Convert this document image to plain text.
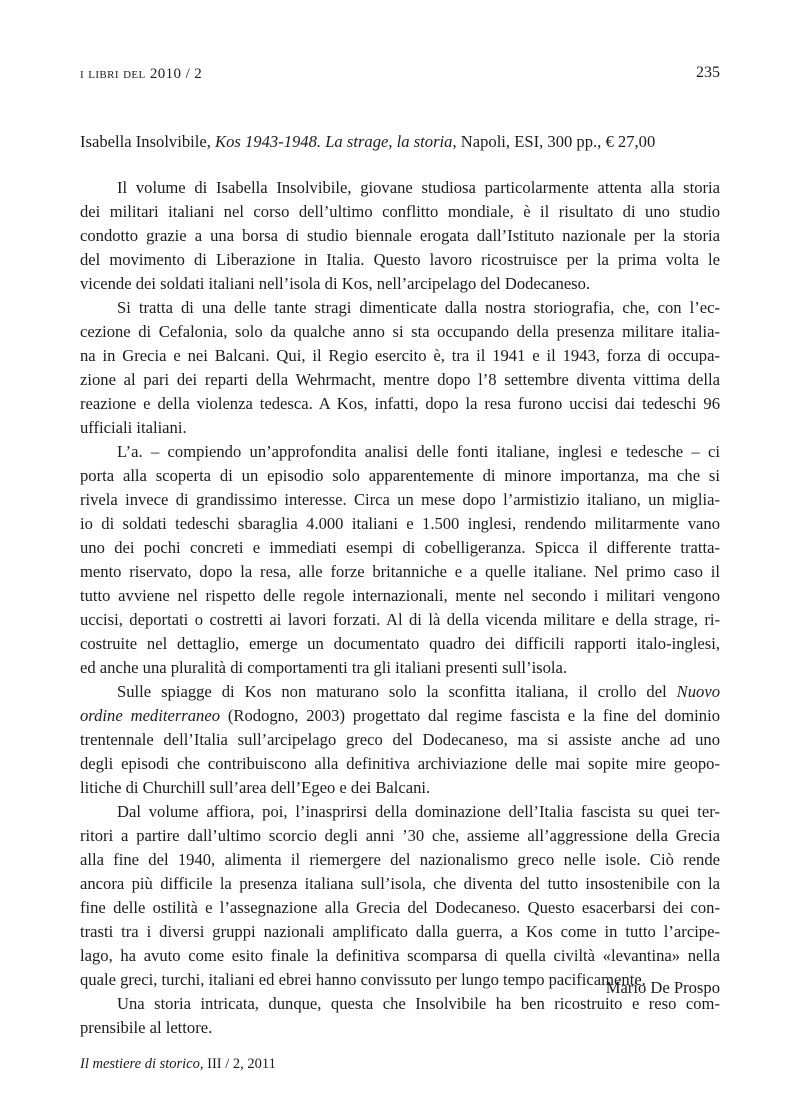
i libri del 2010 / 2	235
Isabella Insolvibile, Kos 1943-1948. La strage, la storia, Napoli, ESI, 300 pp., € 27,00
Il volume di Isabella Insolvibile, giovane studiosa particolarmente attenta alla storia
dei militari italiani nel corso dell’ultimo conflitto mondiale, è il risultato di uno studio
condotto grazie a una borsa di studio biennale erogata dall’Istituto nazionale per la storia
del movimento di Liberazione in Italia. Questo lavoro ricostruisce per la prima volta le
vicende dei soldati italiani nell’isola di Kos, nell’arcipelago del Dodecaneso.
Si tratta di una delle tante stragi dimenticate dalla nostra storiografia, che, con l’ec-
cezione di Cefalonia, solo da qualche anno si sta occupando della presenza militare italia-
na in Grecia e nei Balcani. Qui, il Regio esercito è, tra il 1941 e il 1943, forza di occupa-
zione al pari dei reparti della Wehrmacht, mentre dopo l’8 settembre diventa vittima della
reazione e della violenza tedesca. A Kos, infatti, dopo la resa furono uccisi dai tedeschi 96
ufficiali italiani.
L’a. – compiendo un’approfondita analisi delle fonti italiane, inglesi e tedesche – ci
porta alla scoperta di un episodio solo apparentemente di minore importanza, ma che si
rivela invece di grandissimo interesse. Circa un mese dopo l’armistizio italiano, un miglia-
io di soldati tedeschi sbaraglia 4.000 italiani e 1.500 inglesi, rendendo militarmente vano
uno dei pochi concreti e immediati esempi di cobelligeranza. Spicca il differente tratta-
mento riservato, dopo la resa, alle forze britanniche e a quelle italiane. Nel primo caso il
tutto avviene nel rispetto delle regole internazionali, mente nel secondo i militari vengono
uccisi, deportati o costretti ai lavori forzati. Al di là della vicenda militare e della strage, ri-
costruite nel dettaglio, emerge un documentato quadro dei difficili rapporti italo-inglesi,
ed anche una pluralità di comportamenti tra gli italiani presenti sull’isola.
Sulle spiagge di Kos non maturano solo la sconfitta italiana, il crollo del Nuovo
ordine mediterraneo (Rodogno, 2003) progettato dal regime fascista e la fine del dominio
trentennale dell’Italia sull’arcipelago greco del Dodecaneso, ma si assiste anche ad uno
degli episodi che contribuiscono alla definitiva archiviazione delle mai sopite mire geopo-
litiche di Churchill sull’area dell’Egeo e dei Balcani.
Dal volume affiora, poi, l’inasprirsi della dominazione dell’Italia fascista su quei ter-
ritori a partire dall’ultimo scorcio degli anni ’30 che, assieme all’aggressione della Grecia
alla fine del 1940, alimenta il riemergere del nazionalismo greco nelle isole. Ciò rende
ancora più difficile la presenza italiana sull’isola, che diventa del tutto insostenibile con la
fine delle ostilità e l’assegnazione alla Grecia del Dodecaneso. Questo esacerbarsi dei con-
trasti tra i diversi gruppi nazionali amplificato dalla guerra, a Kos come in tutto l’arcipe-
lago, ha avuto come esito finale la definitiva scomparsa di quella civiltà «levantina» nella
quale greci, turchi, italiani ed ebrei hanno convissuto per lungo tempo pacificamente.
Una storia intricata, dunque, questa che Insolvibile ha ben ricostruito e reso com-
prensibile al lettore.
Mario De Prospo
Il mestiere di storico, III / 2, 2011
